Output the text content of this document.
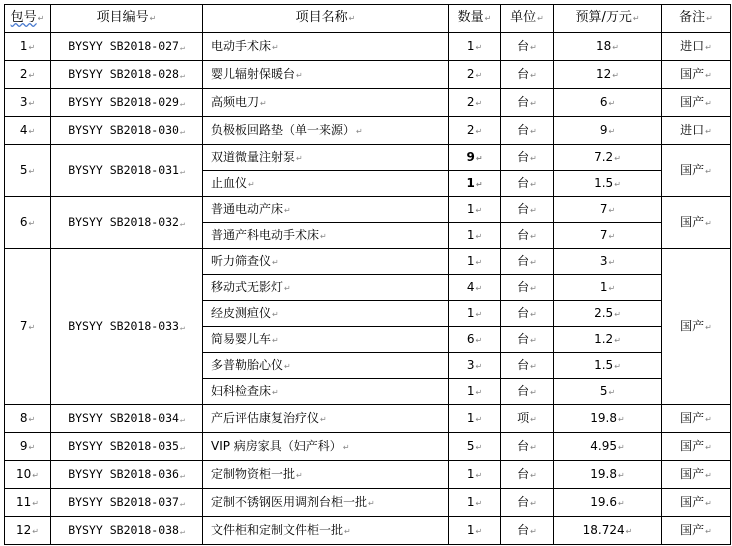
包号↵	项目编号↵	项目名称↵	数量↵	单位↵	预算/万元↵	备注↵
1↵	BYSYY SB2018-027↵	电动手术床↵	1↵	台↵	18↵	进口↵
2↵	BYSYY SB2018-028↵	婴儿辐射保暖台↵	2↵	台↵	12↵	国产↵
3↵	BYSYY SB2018-029↵	高频电刀↵	2↵	台↵	6↵	国产↵
4↵	BYSYY SB2018-030↵	负极板回路垫（单一来源）↵	2↵	台↵	9↵	进口↵
5↵	BYSYY SB2018-031↵	双道微量注射泵↵	9↵	台↵	7.2↵	国产↵
		止血仪↵	1↵	台↵	1.5↵	
6↵	BYSYY SB2018-032↵	普通电动产床↵	1↵	台↵	7↵	国产↵
		普通产科电动手术床↵	1↵	台↵	7↵	
7↵	BYSYY SB2018-033↵	听力筛查仪↵	1↵	台↵	3↵	国产↵
		移动式无影灯↵	4↵	台↵	1↵	
		经皮测疸仪↵	1↵	台↵	2.5↵	
		简易婴儿车↵	6↵	台↵	1.2↵	
		多普勒胎心仪↵	3↵	台↵	1.5↵	
		妇科检查床↵	1↵	台↵	5↵	
8↵	BYSYY SB2018-034↵	产后评估康复治疗仪↵	1↵	项↵	19.8↵	国产↵
9↵	BYSYY SB2018-035↵	VIP 病房家具（妇产科）↵	5↵	台↵	4.95↵	国产↵
10↵	BYSYY SB2018-036↵	定制物资柜一批↵	1↵	台↵	19.8↵	国产↵
11↵	BYSYY SB2018-037↵	定制不锈钢医用调剂台柜一批↵	1↵	台↵	19.6↵	国产↵
12↵	BYSYY SB2018-038↵	文件柜和定制文件柜一批↵	1↵	台↵	18.724↵	国产↵
